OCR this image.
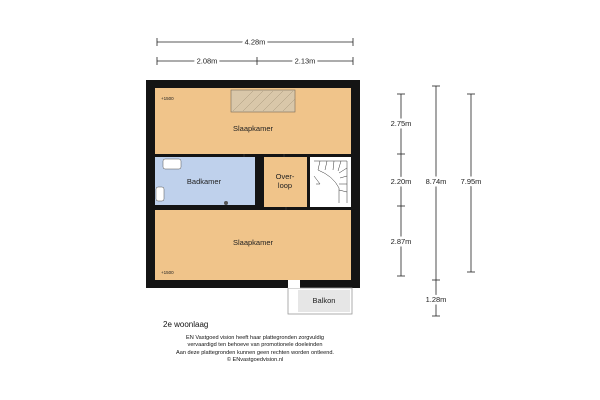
4.28m
2.08m	2.13m
Slaapkamer
+1500
Badkamer
Over-
loop
Slaapkamer
+1500
Balkon
2.75m
2.20m
2.87m
8.74m 7.95m
1.28m
2e woonlaag
EN Vastgoed vision heeft haar plattegronden zorgvuldig
vervaardigd ten behoeve van promotionele doeleinden
Aan deze plattegronden kunnen geen rechten worden ontleend.
© ENvastgoedvision.nl
